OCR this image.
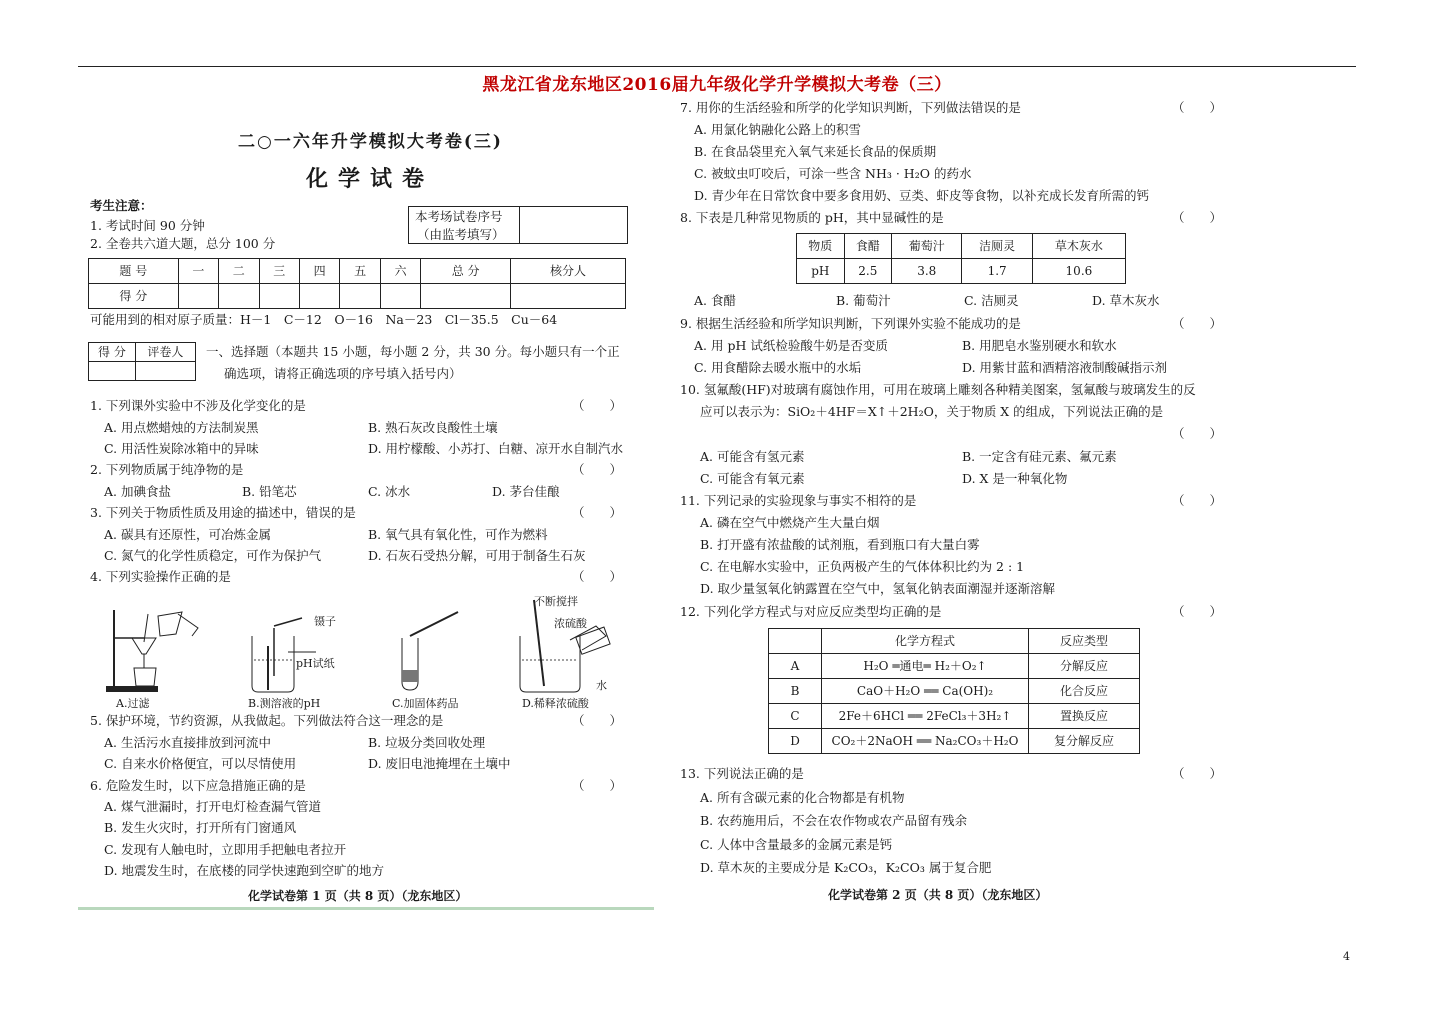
黑龙江省龙东地区2016届九年级化学升学模拟大考卷（三）
二○一六年升学模拟大考卷(三)
化学试卷
考生注意：
1. 考试时间 90 分钟
2. 全卷共六道大题，总分 100 分
本考场试卷序号
（由监考填写）
题 号	一	二	三	四	五	六	总 分	核分人
得 分								
可能用到的相对原子质量：H－1　C－12　O－16　Na－23　Cl－35.5　Cu－64
得 分	评卷人
	一、选择题（本题共 15 小题，每小题 2 分，共 30 分。每小题只有一个正
确选项，请将正确选项的序号填入括号内）
1. 下列课外实验中不涉及化学变化的是	（　　）
A. 用点燃蜡烛的方法制炭黑	B. 熟石灰改良酸性土壤
C. 用活性炭除冰箱中的异味	D. 用柠檬酸、小苏打、白糖、凉开水自制汽水
2. 下列物质属于纯净物的是	（　　）
A. 加碘食盐	B. 铅笔芯	C. 冰水	D. 茅台佳酿
3. 下列关于物质性质及用途的描述中，错误的是	（　　）
A. 碳具有还原性，可冶炼金属	B. 氧气具有氧化性，可作为燃料
C. 氮气的化学性质稳定，可作为保护气	D. 石灰石受热分解，可用于制备生石灰
4. 下列实验操作正确的是	（　　）
镊子
pH试纸
不断搅拌
浓硫酸
水
A.过滤	B.测溶液的pH	C.加固体药品	D.稀释浓硫酸
5. 保护环境，节约资源，从我做起。下列做法符合这一理念的是	（　　）
A. 生活污水直接排放到河流中	B. 垃圾分类回收处理
C. 自来水价格便宜，可以尽情使用	D. 废旧电池掩埋在土壤中
6. 危险发生时，以下应急措施正确的是	（　　）
A. 煤气泄漏时，打开电灯检查漏气管道
B. 发生火灾时，打开所有门窗通风
C. 发现有人触电时，立即用手把触电者拉开
D. 地震发生时，在底楼的同学快速跑到空旷的地方
化学试卷第 1 页（共 8 页）（龙东地区）
7. 用你的生活经验和所学的化学知识判断，下列做法错误的是	（　　）
A. 用氯化钠融化公路上的积雪
B. 在食品袋里充入氧气来延长食品的保质期
C. 被蚊虫叮咬后，可涂一些含 NH₃ · H₂O 的药水
D. 青少年在日常饮食中要多食用奶、豆类、虾皮等食物，以补充成长发育所需的钙
8. 下表是几种常见物质的 pH，其中显碱性的是	（　　）
物质	食醋	葡萄汁	洁厕灵	草木灰水
pH	2.5	3.8	1.7	10.6
A. 食醋	B. 葡萄汁	C. 洁厕灵	D. 草木灰水
9. 根据生活经验和所学知识判断，下列课外实验不能成功的是	（　　）
A. 用 pH 试纸检验酸牛奶是否变质	B. 用肥皂水鉴别硬水和软水
C. 用食醋除去暖水瓶中的水垢	D. 用紫甘蓝和酒精溶液制酸碱指示剂
10. 氢氟酸(HF)对玻璃有腐蚀作用，可用在玻璃上雕刻各种精美图案，氢氟酸与玻璃发生的反
应可以表示为：SiO₂＋4HF＝X↑＋2H₂O，关于物质 X 的组成，下列说法正确的是
（　　）
A. 可能含有氢元素	B. 一定含有硅元素、氟元素
C. 可能含有氧元素	D. X 是一种氧化物
11. 下列记录的实验现象与事实不相符的是	（　　）
A. 磷在空气中燃烧产生大量白烟
B. 打开盛有浓盐酸的试剂瓶，看到瓶口有大量白雾
C. 在电解水实验中，正负两极产生的气体体积比约为 2 : 1
D. 取少量氢氧化钠露置在空气中，氢氧化钠表面潮湿并逐渐溶解
12. 下列化学方程式与对应反应类型均正确的是	（　　）
	化学方程式	反应类型
A	H₂O ═通电═ H₂＋O₂↑	分解反应
B	CaO＋H₂O ══ Ca(OH)₂	化合反应
C	2Fe＋6HCl ══ 2FeCl₃＋3H₂↑	置换反应
D	CO₂＋2NaOH ══ Na₂CO₃＋H₂O	复分解反应
13. 下列说法正确的是	（　　）
A. 所有含碳元素的化合物都是有机物
B. 农药施用后，不会在农作物或农产品留有残余
C. 人体中含量最多的金属元素是钙
D. 草木灰的主要成分是 K₂CO₃，K₂CO₃ 属于复合肥
化学试卷第 2 页（共 8 页）（龙东地区）
4
